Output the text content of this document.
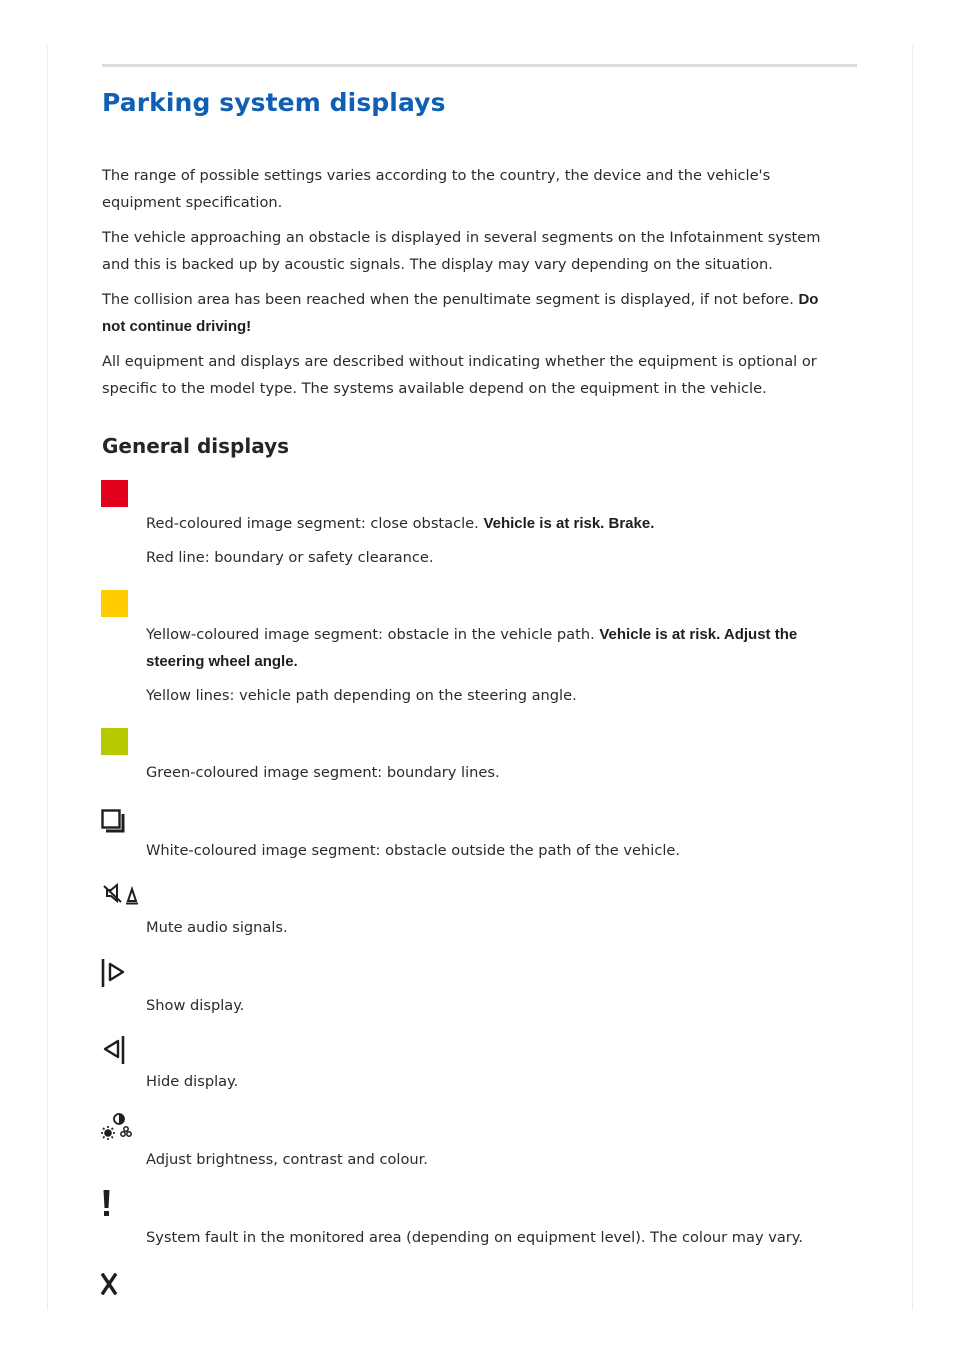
Parking system displays

The range of possible settings varies according to the country, the device and the vehicle's equipment specification.

The vehicle approaching an obstacle is displayed in several segments on the Infotainment system and this is backed up by acoustic signals. The display may vary depending on the situation.

The collision area has been reached when the penultimate segment is displayed, if not before. Do not continue driving!

All equipment and displays are described without indicating whether the equipment is optional or specific to the model type. The systems available depend on the equipment in the vehicle.

General displays

Red-coloured image segment: close obstacle. Vehicle is at risk. Brake.

Red line: boundary or safety clearance.

Yellow-coloured image segment: obstacle in the vehicle path. Vehicle is at risk. Adjust the steering wheel angle.

Yellow lines: vehicle path depending on the steering angle.

Green-coloured image segment: boundary lines.

White-coloured image segment: obstacle outside the path of the vehicle.

Mute audio signals.

Show display.

Hide display.

Adjust brightness, contrast and colour.

System fault in the monitored area (depending on equipment level). The colour may vary.
